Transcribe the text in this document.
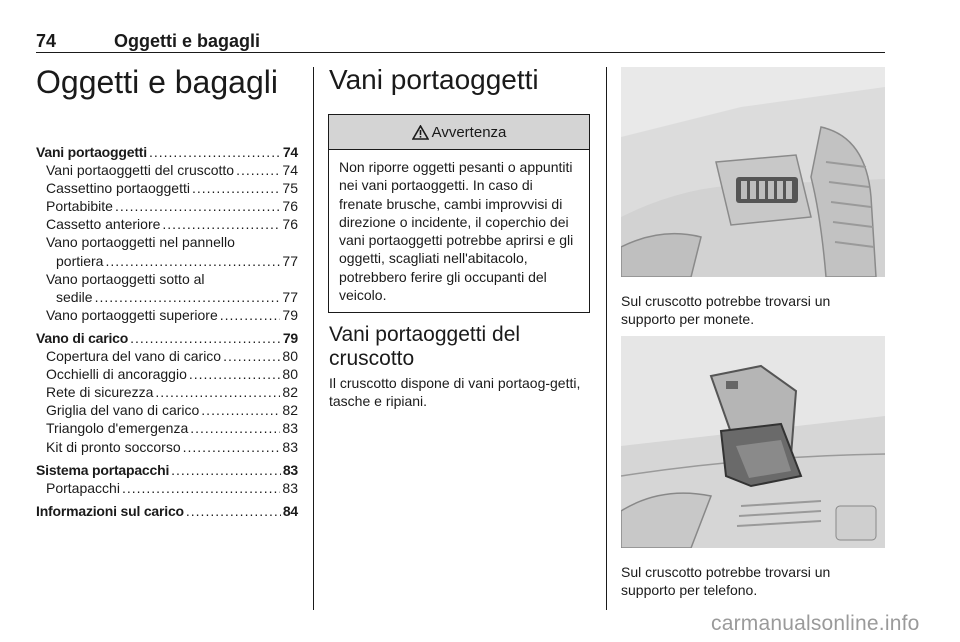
74	Oggetti e bagagli
Oggetti e bagagli
Vani portaoggetti .....	74
Vani portaoggetti del cruscotto .....	74
Cassettino portaoggetti .....	75
Portabibite .....	76
Cassetto anteriore .....	76
Vano portaoggetti nel pannello
portiera .....	77
Vano portaoggetti sotto al
sedile .....	77
Vano portaoggetti superiore .....	79
Vano di carico .....	79
Copertura del vano di carico .....	80
Occhielli di ancoraggio .....	80
Rete di sicurezza .....	82
Griglia del vano di carico .....	82
Triangolo d'emergenza .....	83
Kit di pronto soccorso .....	83
Sistema portapacchi .....	83
Portapacchi .....	83
Informazioni sul carico .....	84
Vani portaoggetti
Avvertenza
Non riporre oggetti pesanti o appuntiti nei vani portaoggetti. In caso di frenate brusche, cambi improvvisi di direzione o incidente, il coperchio dei vani portaoggetti potrebbe aprirsi e gli oggetti, scagliati nell'abitacolo, potrebbero ferire gli occupanti del veicolo.
Vani portaoggetti del cruscotto
Il cruscotto dispone di vani portaog-getti, tasche e ripiani.
Sul cruscotto potrebbe trovarsi un supporto per monete.
Sul cruscotto potrebbe trovarsi un supporto per telefono.
carmanualsonline.info
